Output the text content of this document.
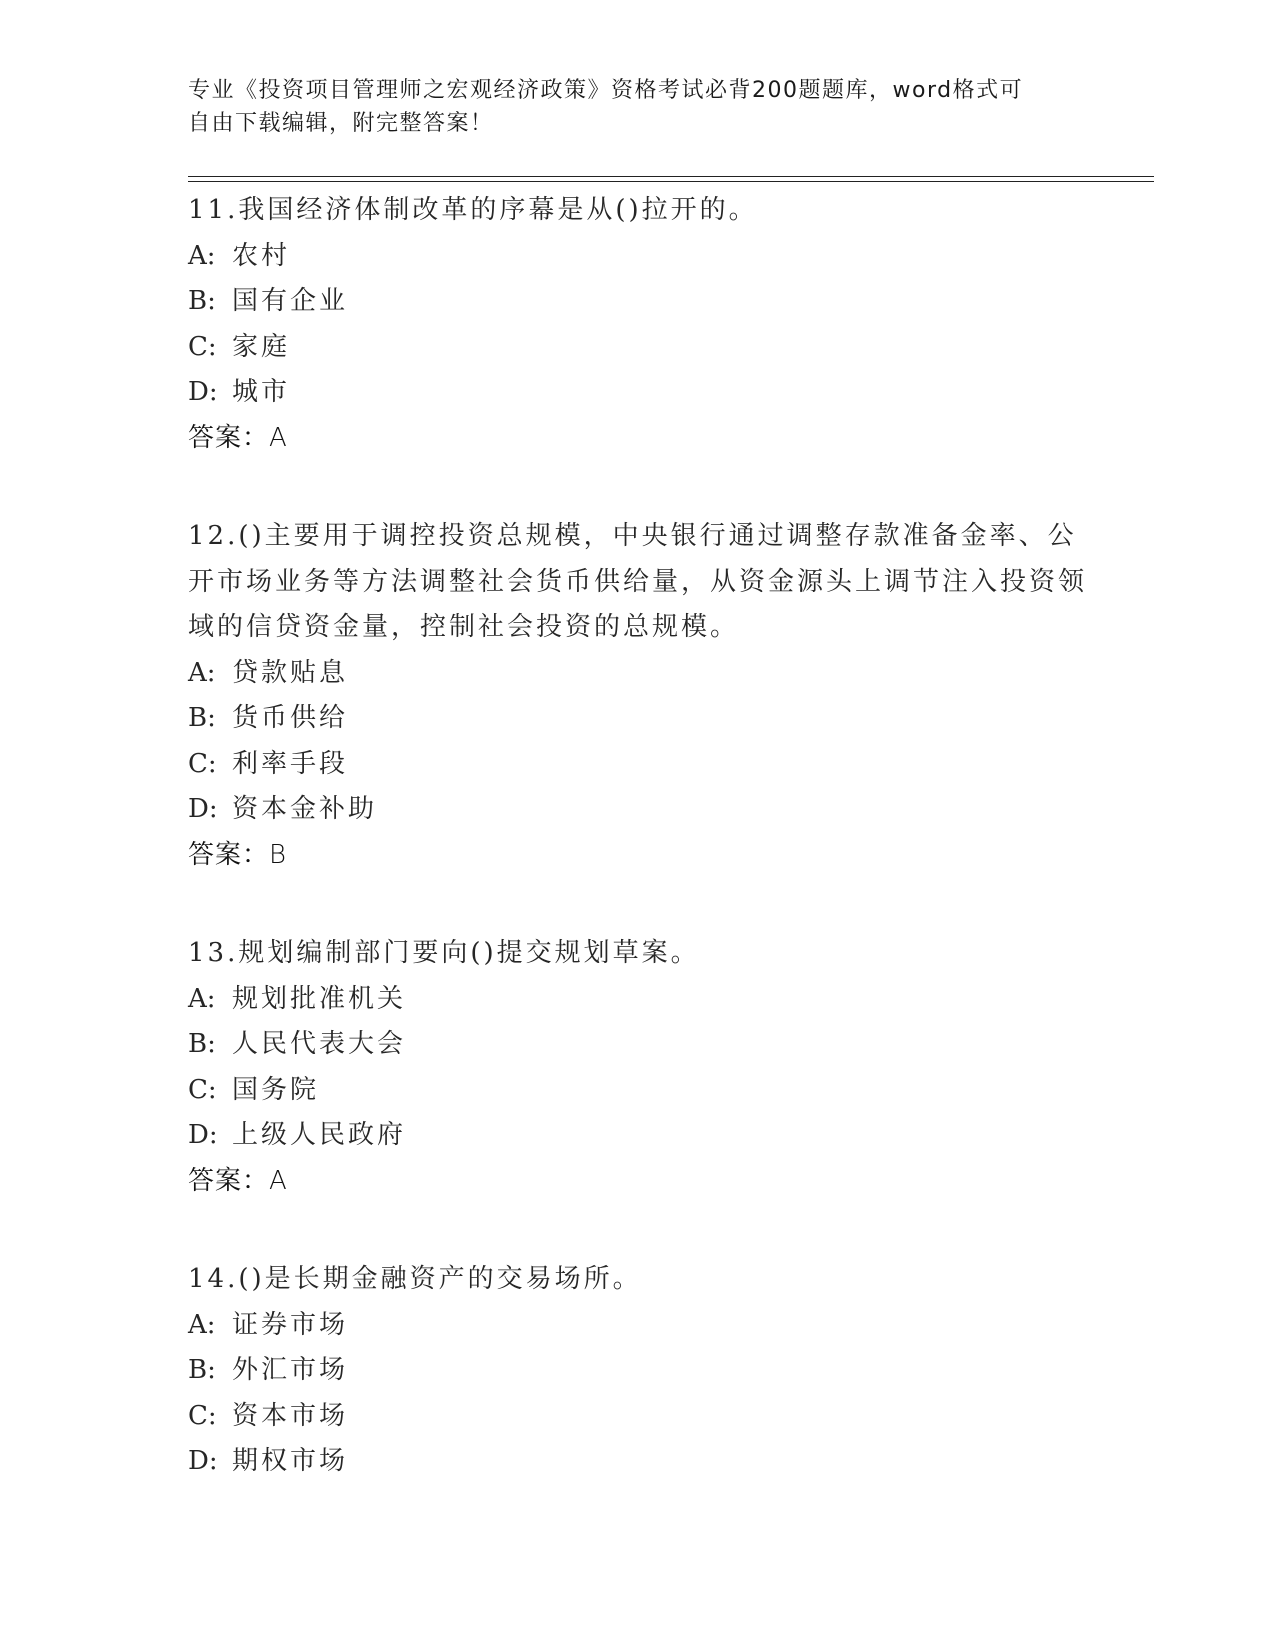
专业《投资项目管理师之宏观经济政策》资格考试必背200题题库，word格式可
自由下载编辑，附完整答案！
11.我国经济体制改革的序幕是从()拉开的。
A: 农村
B: 国有企业
C: 家庭
D: 城市
答案：A
12.()主要用于调控投资总规模，中央银行通过调整存款准备金率、公开市场业务等方法调整社会货币供给量，从资金源头上调节注入投资领域的信贷资金量，控制社会投资的总规模。
A: 贷款贴息
B: 货币供给
C: 利率手段
D: 资本金补助
答案：B
13.规划编制部门要向()提交规划草案。
A: 规划批准机关
B: 人民代表大会
C: 国务院
D: 上级人民政府
答案：A
14.()是长期金融资产的交易场所。
A: 证券市场
B: 外汇市场
C: 资本市场
D: 期权市场
